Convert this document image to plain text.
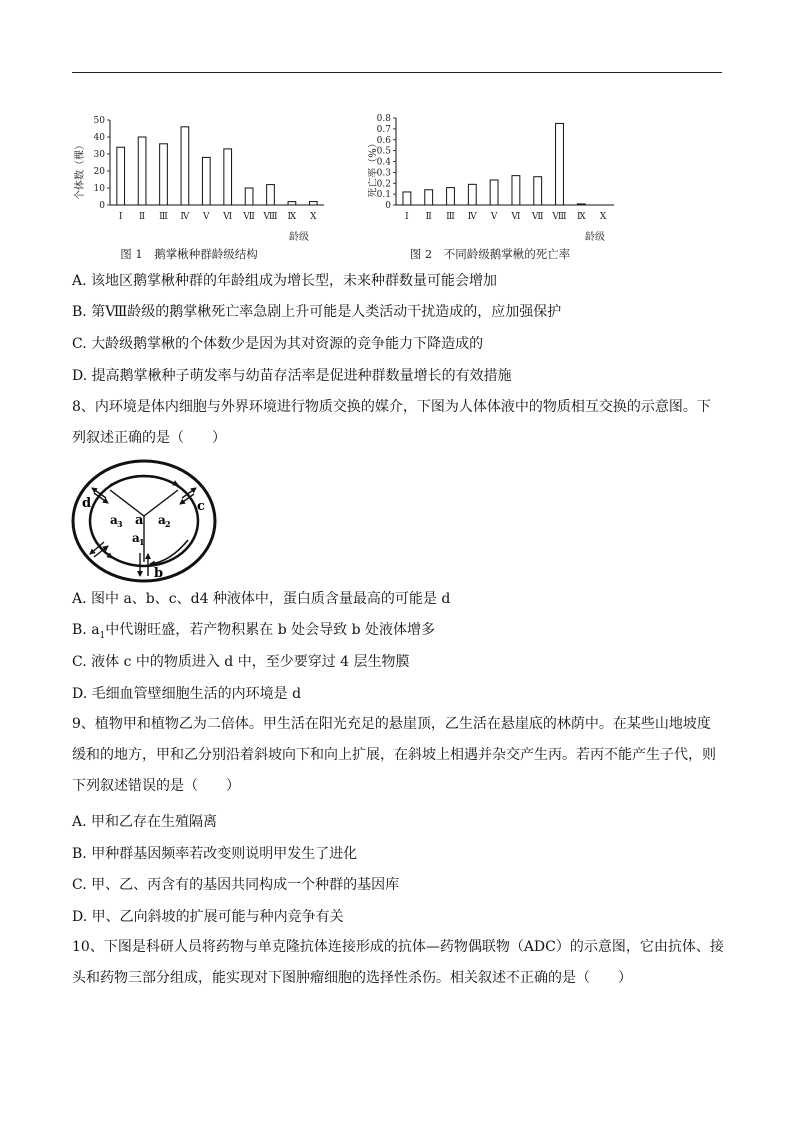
个体数（棵）
龄级
图 1　鹅掌楸种群龄级结构
0
10
20
30
40
50
Ⅰ Ⅱ Ⅲ Ⅳ Ⅴ Ⅵ Ⅶ Ⅷ Ⅸ Ⅹ
死亡率（%）
龄级
图 2　不同龄级鹅掌楸的死亡率
0
0.1
0.2
0.3
0.4
0.5
0.6
0.7
0.8
Ⅰ Ⅱ Ⅲ Ⅳ Ⅴ Ⅵ Ⅶ Ⅷ Ⅸ Ⅹ
A. 该地区鹅掌楸种群的年龄组成为增长型，未来种群数量可能会增加
B. 第Ⅷ龄级的鹅掌楸死亡率急剧上升可能是人类活动干扰造成的，应加强保护
C. 大龄级鹅掌楸的个体数少是因为其对资源的竞争能力下降造成的
D. 提高鹅掌楸种子萌发率与幼苗存活率是促进种群数量增长的有效措施
8、内环境是体内细胞与外界环境进行物质交换的媒介，下图为人体体液中的物质相互交换的示意图。下列叙述正确的是（　　）
d	c
b
a
a 1
a 2
a 3
A. 图中 a、b、c、d4 种液体中，蛋白质含量最高的可能是 d
B. $a_1$中代谢旺盛，若产物积累在 b 处会导致 b 处液体增多
C. 液体 c 中的物质进入 d 中，至少要穿过 4 层生物膜
D. 毛细血管壁细胞生活的内环境是 d
9、植物甲和植物乙为二倍体。甲生活在阳光充足的悬崖顶，乙生活在悬崖底的林荫中。在某些山地坡度缓和的地方，甲和乙分别沿着斜坡向下和向上扩展，在斜坡上相遇并杂交产生丙。若丙不能产生子代，则下列叙述错误的是（　　）
A. 甲和乙存在生殖隔离
B. 甲种群基因频率若改变则说明甲发生了进化
C. 甲、乙、丙含有的基因共同构成一个种群的基因库
D. 甲、乙向斜坡的扩展可能与种内竞争有关
10、下图是科研人员将药物与单克隆抗体连接形成的抗体—药物偶联物（ADC）的示意图，它由抗体、接头和药物三部分组成，能实现对下图肿瘤细胞的选择性杀伤。相关叙述不正确的是（　　）
